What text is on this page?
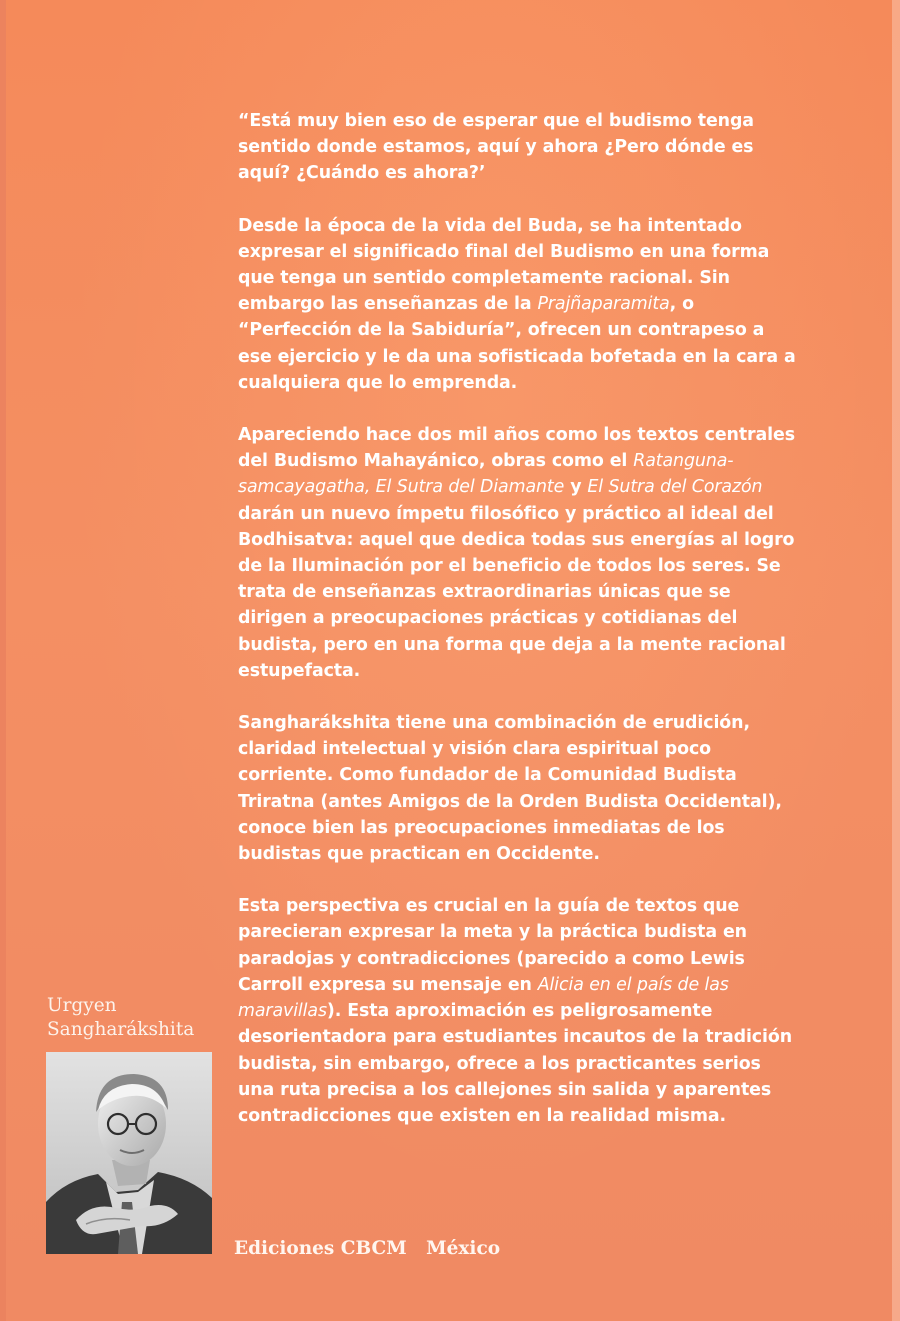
“Está muy bien eso de esperar que el budismo tenga sentido donde estamos, aquí y ahora ¿Pero dónde es aquí? ¿Cuándo es ahora?’

Desde la época de la vida del Buda, se ha intentado expresar el significado final del Budismo en una forma que tenga un sentido completamente racional. Sin embargo las enseñanzas de la Prajñaparamita, o “Perfección de la Sabiduría”, ofrecen un contrapeso a ese ejercicio y le da una sofisticada bofetada en la cara a cualquiera que lo emprenda.

Apareciendo hace dos mil años como los textos centrales del Budismo Mahayánico, obras como el Ratanguna-samcayagatha, El Sutra del Diamante y El Sutra del Corazón darán un nuevo ímpetu filosófico y práctico al ideal del Bodhisatva: aquel que dedica todas sus energías al logro de la Iluminación por el beneficio de todos los seres. Se trata de enseñanzas extraordinarias únicas que se dirigen a preocupaciones prácticas y cotidianas del budista, pero en una forma que deja a la mente racional estupefacta.

Sangharákshita tiene una combinación de erudición, claridad intelectual y visión clara espiritual poco corriente. Como fundador de la Comunidad Budista Triratna (antes Amigos de la Orden Budista Occidental), conoce bien las preocupaciones inmediatas de los budistas que practican en Occidente.

Esta perspectiva es crucial en la guía de textos que parecieran expresar la meta y la práctica budista en paradojas y contradicciones (parecido a como Lewis Carroll expresa su mensaje en Alicia en el país de las maravillas). Esta aproximación es peligrosamente desorientadora para estudiantes incautos de la tradición budista, sin embargo, ofrece a los practicantes serios una ruta precisa a los callejones sin salida y aparentes contradicciones que existen en la realidad misma.

Urgyen
Sangharákshita
Ediciones CBCM México
